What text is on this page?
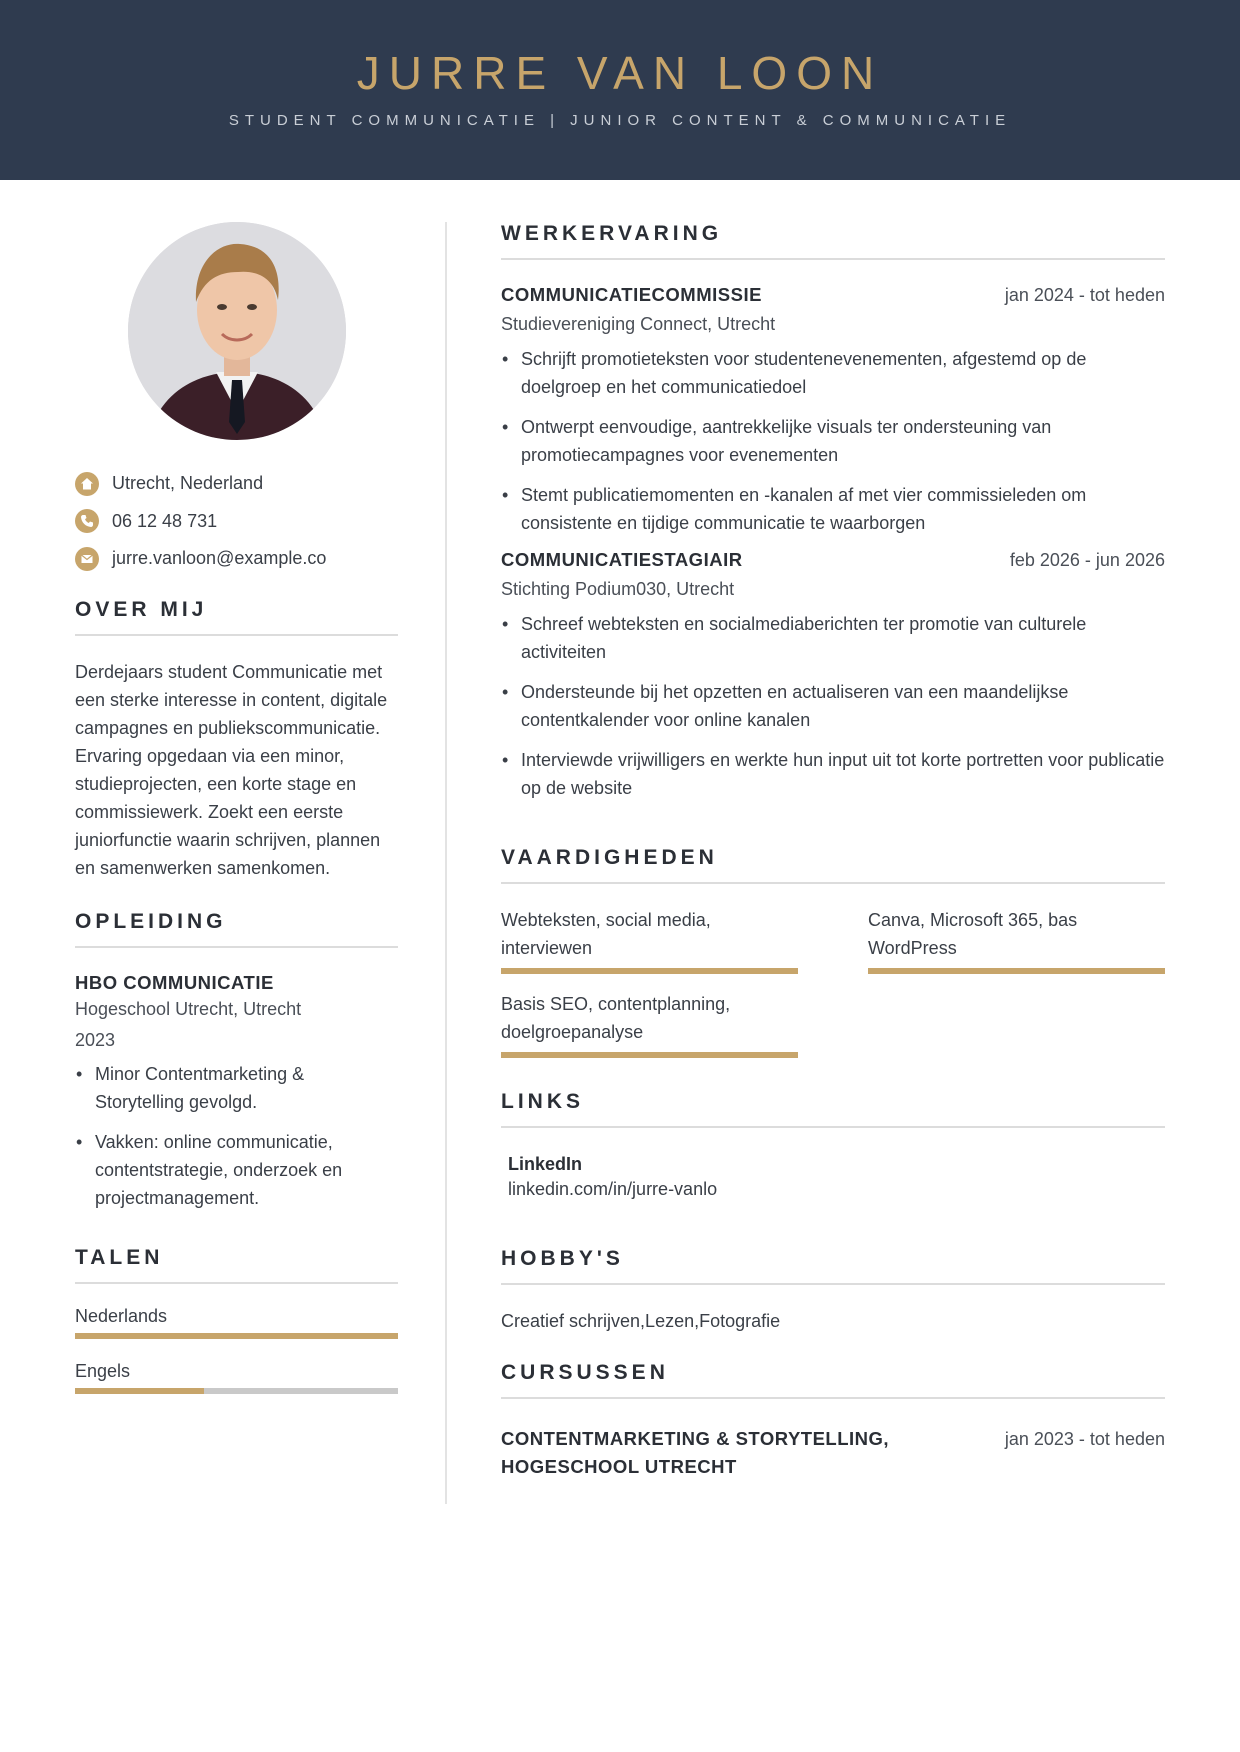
JURRE VAN LOON
STUDENT COMMUNICATIE | JUNIOR CONTENT & COMMUNICATIE
Utrecht, Nederland
06 12 48 731
jurre.vanloon@example.co
OVER MIJ

Derdejaars student Communicatie met een sterke interesse in content, digitale campagnes en publiekscommunicatie. Ervaring opgedaan via een minor, studieprojecten, een korte stage en commissiewerk. Zoekt een eerste juniorfunctie waarin schrijven, plannen en samenwerken samenkomen.

OPLEIDING
HBO COMMUNICATIE
Hogeschool Utrecht, Utrecht
2023
• Minor Contentmarketing & Storytelling gevolgd.
• Vakken: online communicatie, contentstrategie, onderzoek en projectmanagement.
TALEN
Nederlands
Engels
WERKERVARING
COMMUNICATIECOMMISSIE	jan 2024 - tot heden
Studievereniging Connect, Utrecht
• Schrijft promotieteksten voor studentenevenementen, afgestemd op de doelgroep en het communicatiedoel
• Ontwerpt eenvoudige, aantrekkelijke visuals ter ondersteuning van promotiecampagnes voor evenementen
• Stemt publicatiemomenten en -kanalen af met vier commissieleden om consistente en tijdige communicatie te waarborgen
COMMUNICATIESTAGIAIR	feb 2026 - jun 2026
Stichting Podium030, Utrecht
• Schreef webteksten en socialmediaberichten ter promotie van culturele activiteiten
• Ondersteunde bij het opzetten en actualiseren van een maandelijkse contentkalender voor online kanalen
• Interviewde vrijwilligers en werkte hun input uit tot korte portretten voor publicatie op de website
VAARDIGHEDEN
Webteksten, social media, interviewen
Canva, Microsoft 365, bas WordPress
Basis SEO, contentplanning, doelgroepanalyse
LINKS
LinkedIn
linkedin.com/in/jurre-vanlo
HOBBY'S

Creatief schrijven,Lezen,Fotografie

CURSUSSEN
CONTENTMARKETING & STORYTELLING, HOGESCHOOL UTRECHT
jan 2023 - tot heden
